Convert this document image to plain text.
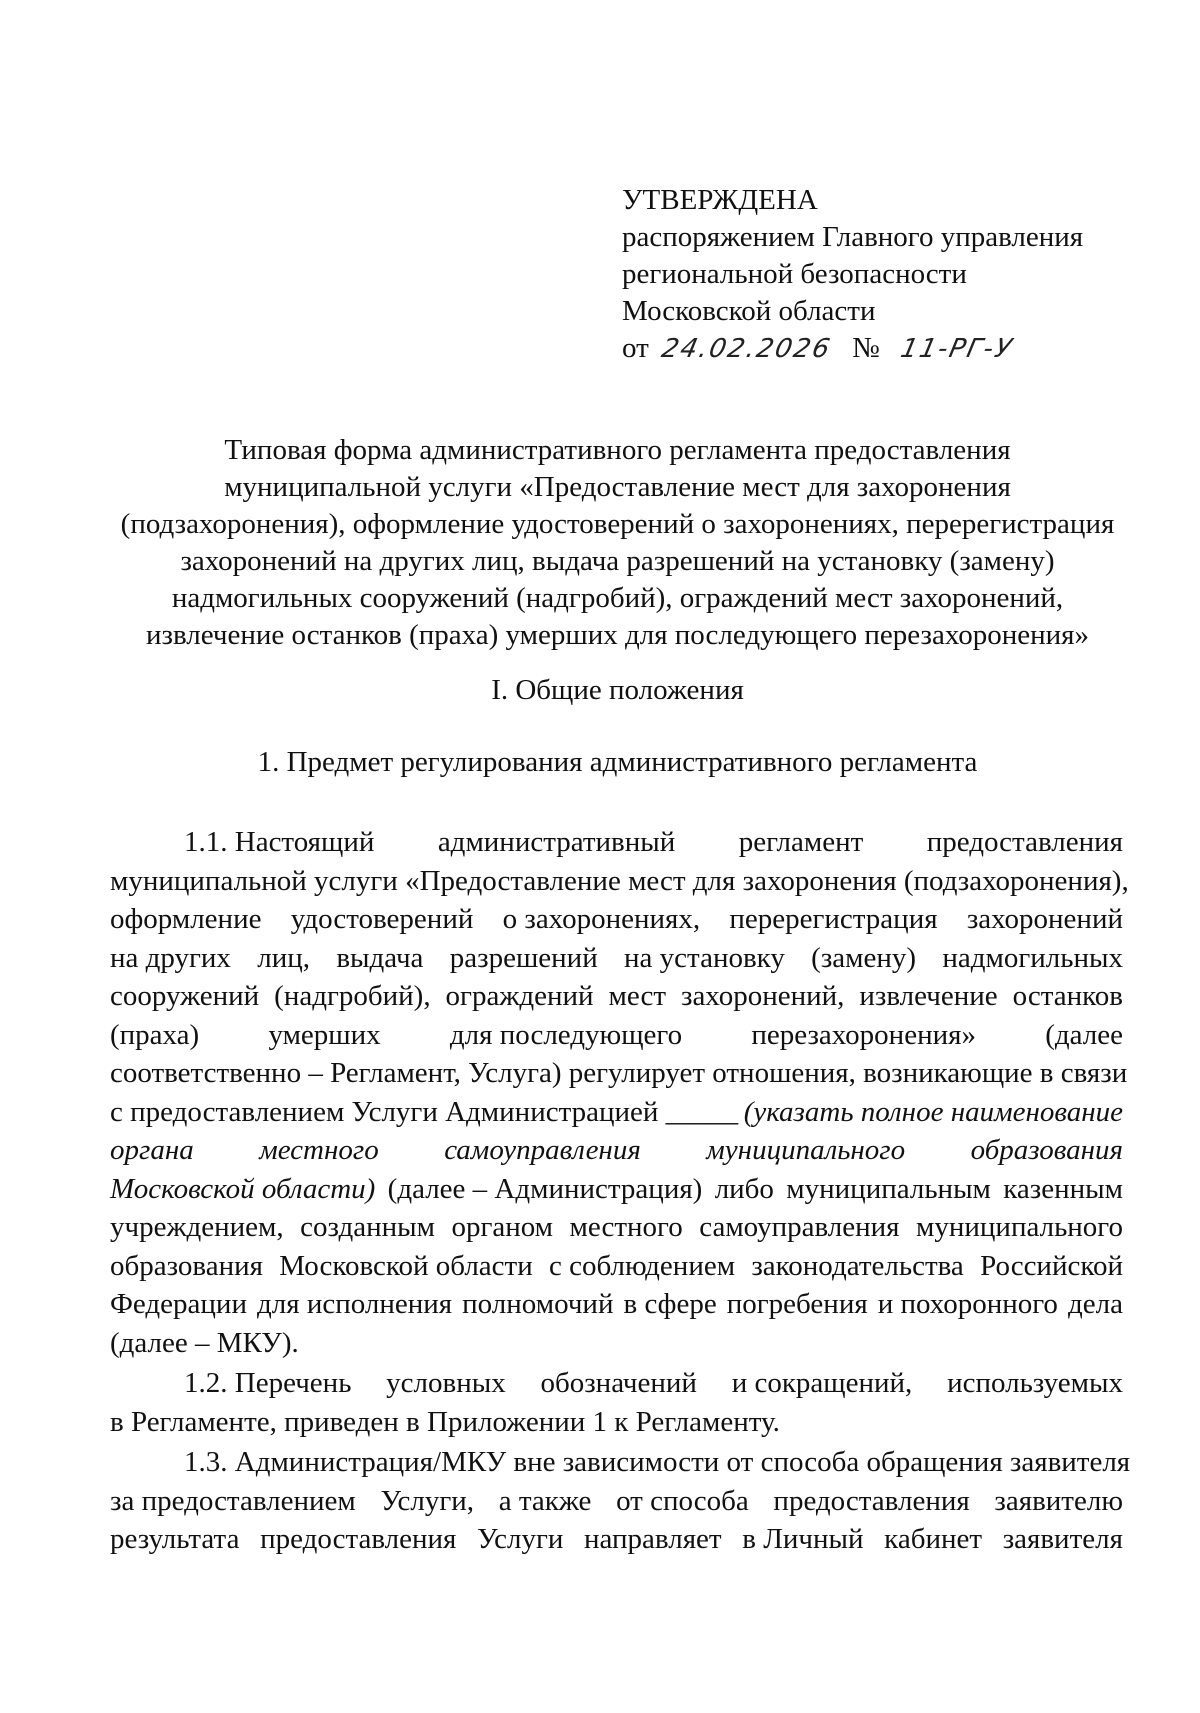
УТВЕРЖДЕНА
распоряжением Главного управления
региональной безопасности
Московской области
от 24.02.2026 № 11-РГ-У
Типовая форма административного регламента предоставления
муниципальной услуги «Предоставление мест для захоронения
(подзахоронения), оформление удостоверений о захоронениях, перерегистрация
захоронений на других лиц, выдача разрешений на установку (замену)
надмогильных сооружений (надгробий), ограждений мест захоронений,
извлечение останков (праха) умерших для последующего перезахоронения»
I. Общие положения
1. Предмет регулирования административного регламента
1.1. Настоящий административный регламент предоставления
муниципальной услуги «Предоставление мест для захоронения (подзахоронения),
оформление удостоверений о захоронениях, перерегистрация захоронений
на других лиц, выдача разрешений на установку (замену) надмогильных
сооружений (надгробий), ограждений мест захоронений, извлечение останков
(праха) умерших для последующего перезахоронения» (далее
соответственно – Регламент, Услуга) регулирует отношения, возникающие в связи
с предоставлением Услуги Администрацией _____ (указать полное наименование
органа местного самоуправления муниципального образования
Московской области) (далее – Администрация) либо муниципальным казенным
учреждением, созданным органом местного самоуправления муниципального
образования Московской области с соблюдением законодательства Российской
Федерации для исполнения полномочий в сфере погребения и похоронного дела
(далее – МКУ).
1.2. Перечень условных обозначений и сокращений, используемых
в Регламенте, приведен в Приложении 1 к Регламенту.
1.3. Администрация/МКУ вне зависимости от способа обращения заявителя
за предоставлением Услуги, а также от способа предоставления заявителю
результата предоставления Услуги направляет в Личный кабинет заявителя
